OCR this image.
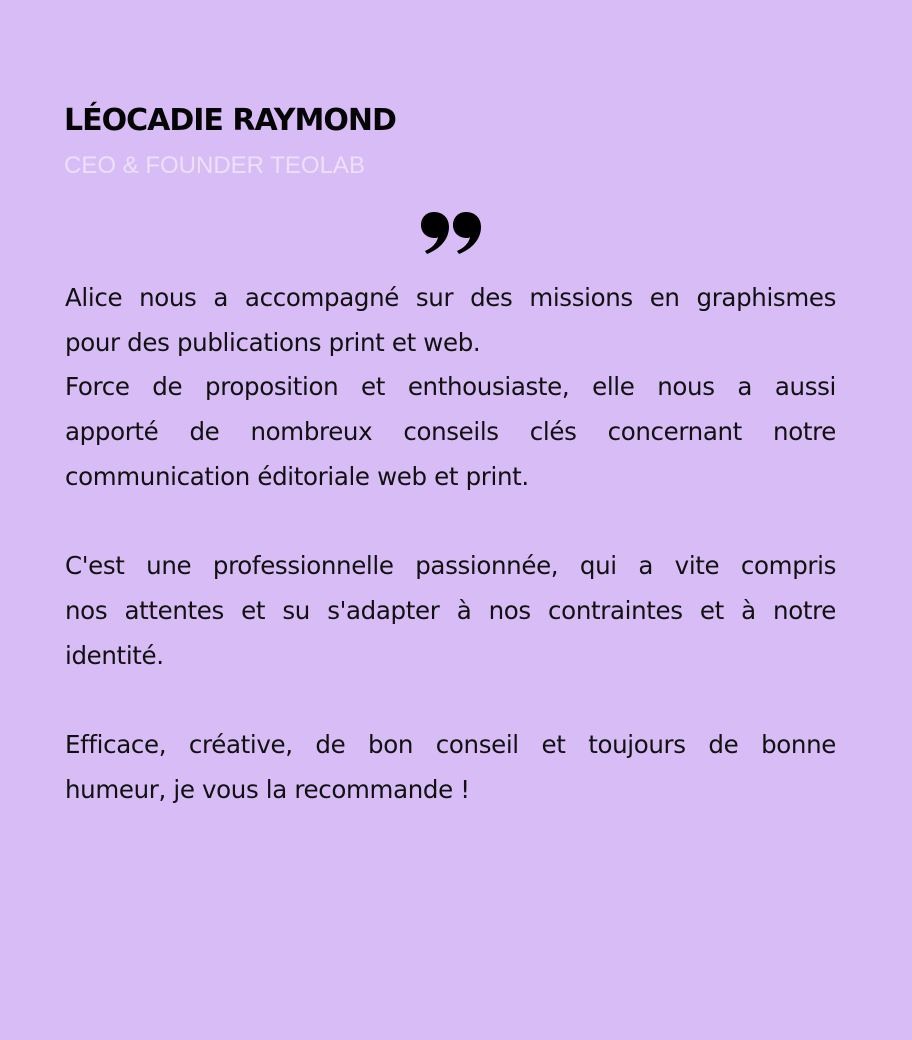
LÉOCADIE RAYMOND

CEO & FOUNDER TEOLAB

Alice nous a accompagné sur des missions en graphismes
pour des publications print et web.
Force de proposition et enthousiaste, elle nous a aussi
apporté de nombreux conseils clés concernant notre
communication éditoriale web et print.
C'est une professionnelle passionnée, qui a vite compris
nos attentes et su s'adapter à nos contraintes et à notre
identité.
Efficace, créative, de bon conseil et toujours de bonne
humeur, je vous la recommande !
